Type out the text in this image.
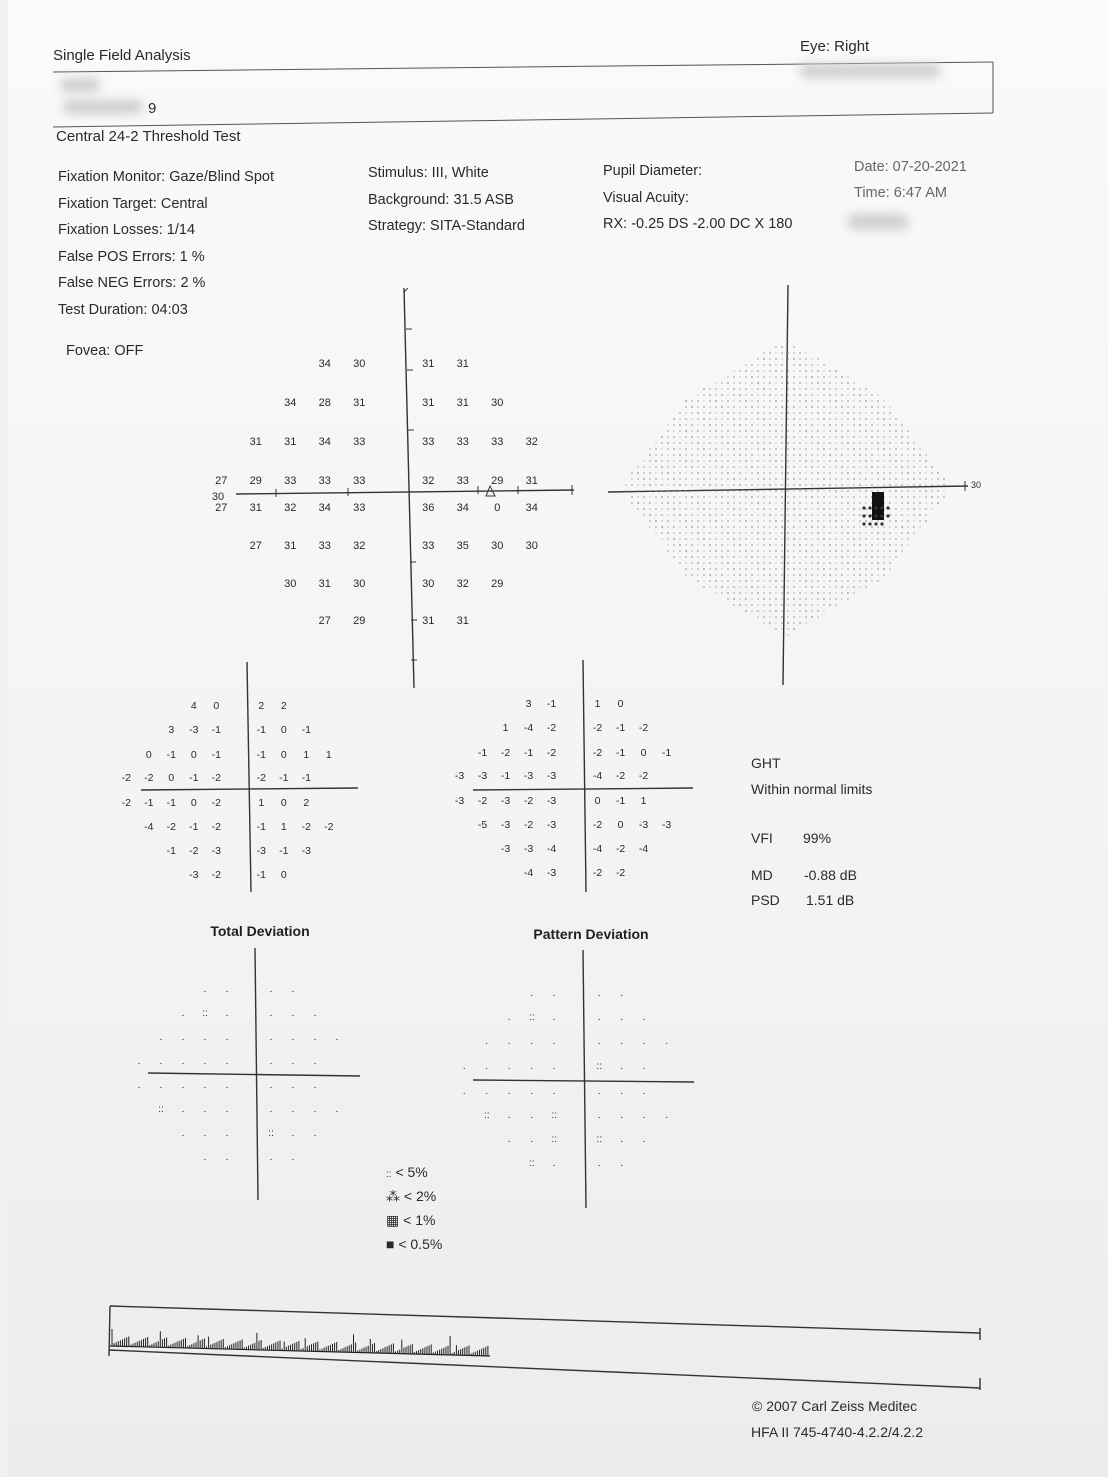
Single Field Analysis
Eye: Right
9
Central 24-2 Threshold Test
Fixation Monitor: Gaze/Blind Spot
Fixation Target: Central
Fixation Losses: 1/14
False POS Errors: 1 %
False NEG Errors: 2 %
Test Duration: 04:03
Fovea: OFF
Stimulus: III, White
Background: 31.5 ASB
Strategy: SITA-Standard
Pupil Diameter:
Visual Acuity:
RX: -0.25 DS -2.00 DC X 180
Date: 07-20-2021
Time: 6:47 AM
30
34 30	31 31
34 28 31	31 31 30
31 31 34 33	33 33 33 32
27 29 33 33 33	32 33 29 31
27 31 32 34 33	36 34 0 34
27 31 33 32	33 35 30 30
30 31 30	30 32 29
27 29	31 31
30
4 0	2 2
3 -3 -1	-1 0 -1
0 -1 0 -1	-1 0 1 1
-2 -2 0 -1 -2	-2 -1 -1
-2 -1 -1 0 -2	1 0 2
-4 -2 -1 -2	-1 1 -2 -2
-1 -2 -3	-3 -1 -3
-3 -2	-1 0
3 -1	1 0
1 -4 -2	-2 -1 -2
-1 -2 -1 -2	-2 -1 0 -1
-3 -3 -1 -3 -3	-4 -2 -2
-3 -2 -3 -2 -3	0 -1 1
-5 -3 -2 -3	-2 0 -3 -3
-3 -3 -4	-4 -2 -4
-4 -3	-2 -2
Total Deviation	Pattern Deviation
. .	. .
. :: .	. . .
. . . .	. . . .
. . . . .	. . .
. . . . .	. . .
:: . . .	. . . .
. . .	:: . .
. .	. .
. .	. .
. :: .	. . .
. . . .	. . . .
. . . . .	:: . .
. . . . .	. . .
:: . . ::	. . . .
. . ::	:: . .
:: .	. .
GHT
Within normal limits
VFI 99%
MD -0.88 dB
PSD 1.51 dB
:: < 5%
⁂ < 2%
▦ < 1%
■ < 0.5%
© 2007 Carl Zeiss Meditec
HFA II 745-4740-4.2.2/4.2.2
